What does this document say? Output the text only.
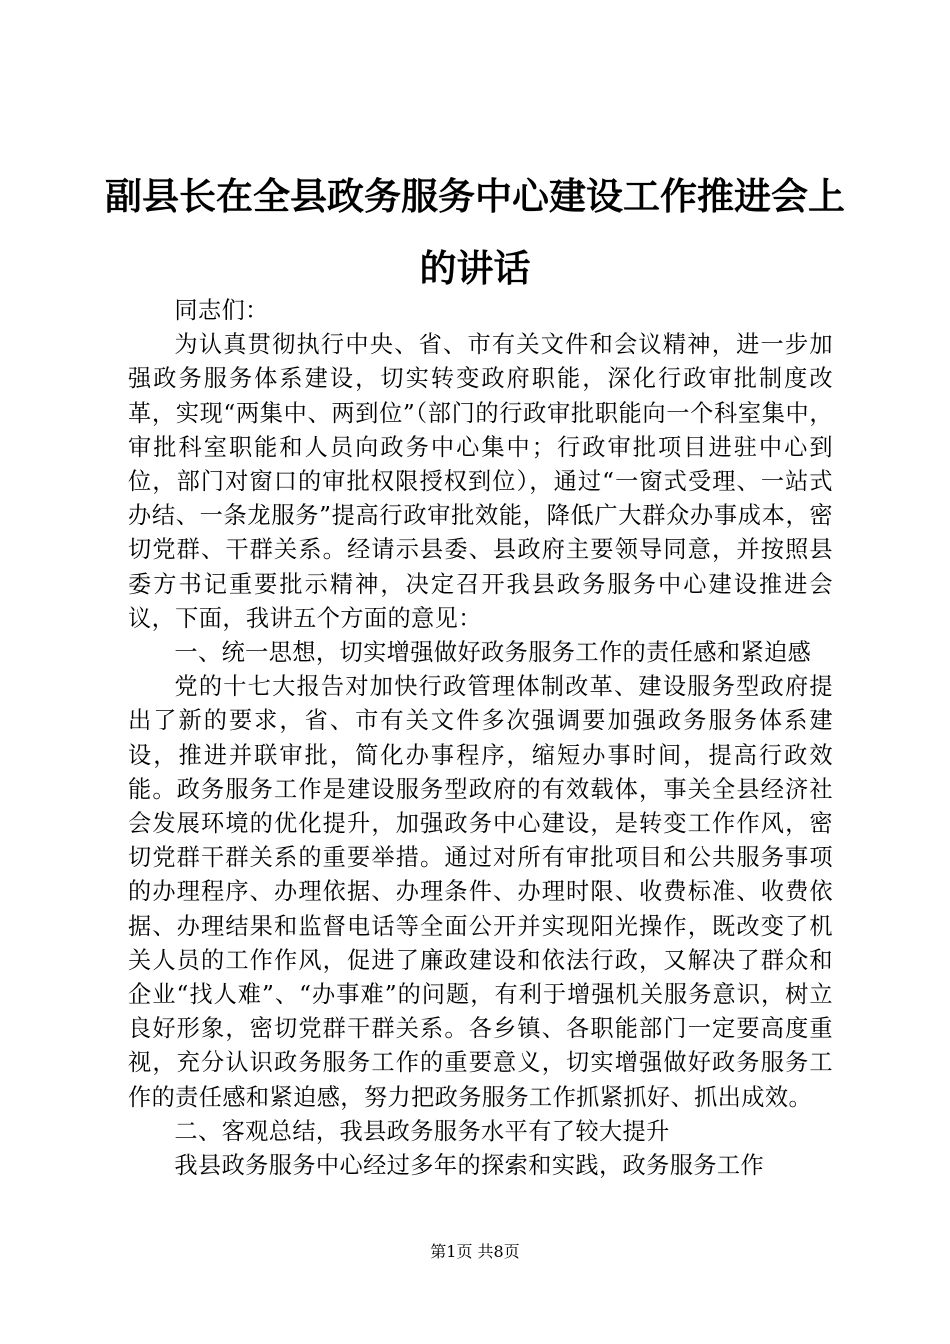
副县长在全县政务服务中心建设工作推进会上的讲话

同志们：

为认真贯彻执行中央、省、市有关文件和会议精神，进一步加强政务服务体系建设，切实转变政府职能，深化行政审批制度改革，实现“两集中、两到位”（部门的行政审批职能向一个科室集中，审批科室职能和人员向政务中心集中；行政审批项目进驻中心到位，部门对窗口的审批权限授权到位），通过“一窗式受理、一站式办结、一条龙服务”提高行政审批效能，降低广大群众办事成本，密切党群、干群关系。经请示县委、县政府主要领导同意，并按照县委方书记重要批示精神，决定召开我县政务服务中心建设推进会议，下面，我讲五个方面的意见：

一、统一思想，切实增强做好政务服务工作的责任感和紧迫感

党的十七大报告对加快行政管理体制改革、建设服务型政府提出了新的要求，省、市有关文件多次强调要加强政务服务体系建设，推进并联审批，简化办事程序，缩短办事时间，提高行政效能。政务服务工作是建设服务型政府的有效载体，事关全县经济社会发展环境的优化提升，加强政务中心建设，是转变工作作风，密切党群干群关系的重要举措。通过对所有审批项目和公共服务事项的办理程序、办理依据、办理条件、办理时限、收费标准、收费依据、办理结果和监督电话等全面公开并实现阳光操作，既改变了机关人员的工作作风，促进了廉政建设和依法行政，又解决了群众和企业“找人难”、“办事难”的问题，有利于增强机关服务意识，树立良好形象，密切党群干群关系。各乡镇、各职能部门一定要高度重视，充分认识政务服务工作的重要意义，切实增强做好政务服务工作的责任感和紧迫感，努力把政务服务工作抓紧抓好、抓出成效。

二、客观总结，我县政务服务水平有了较大提升

我县政务服务中心经过多年的探索和实践，政务服务工作

第1页 共8页
